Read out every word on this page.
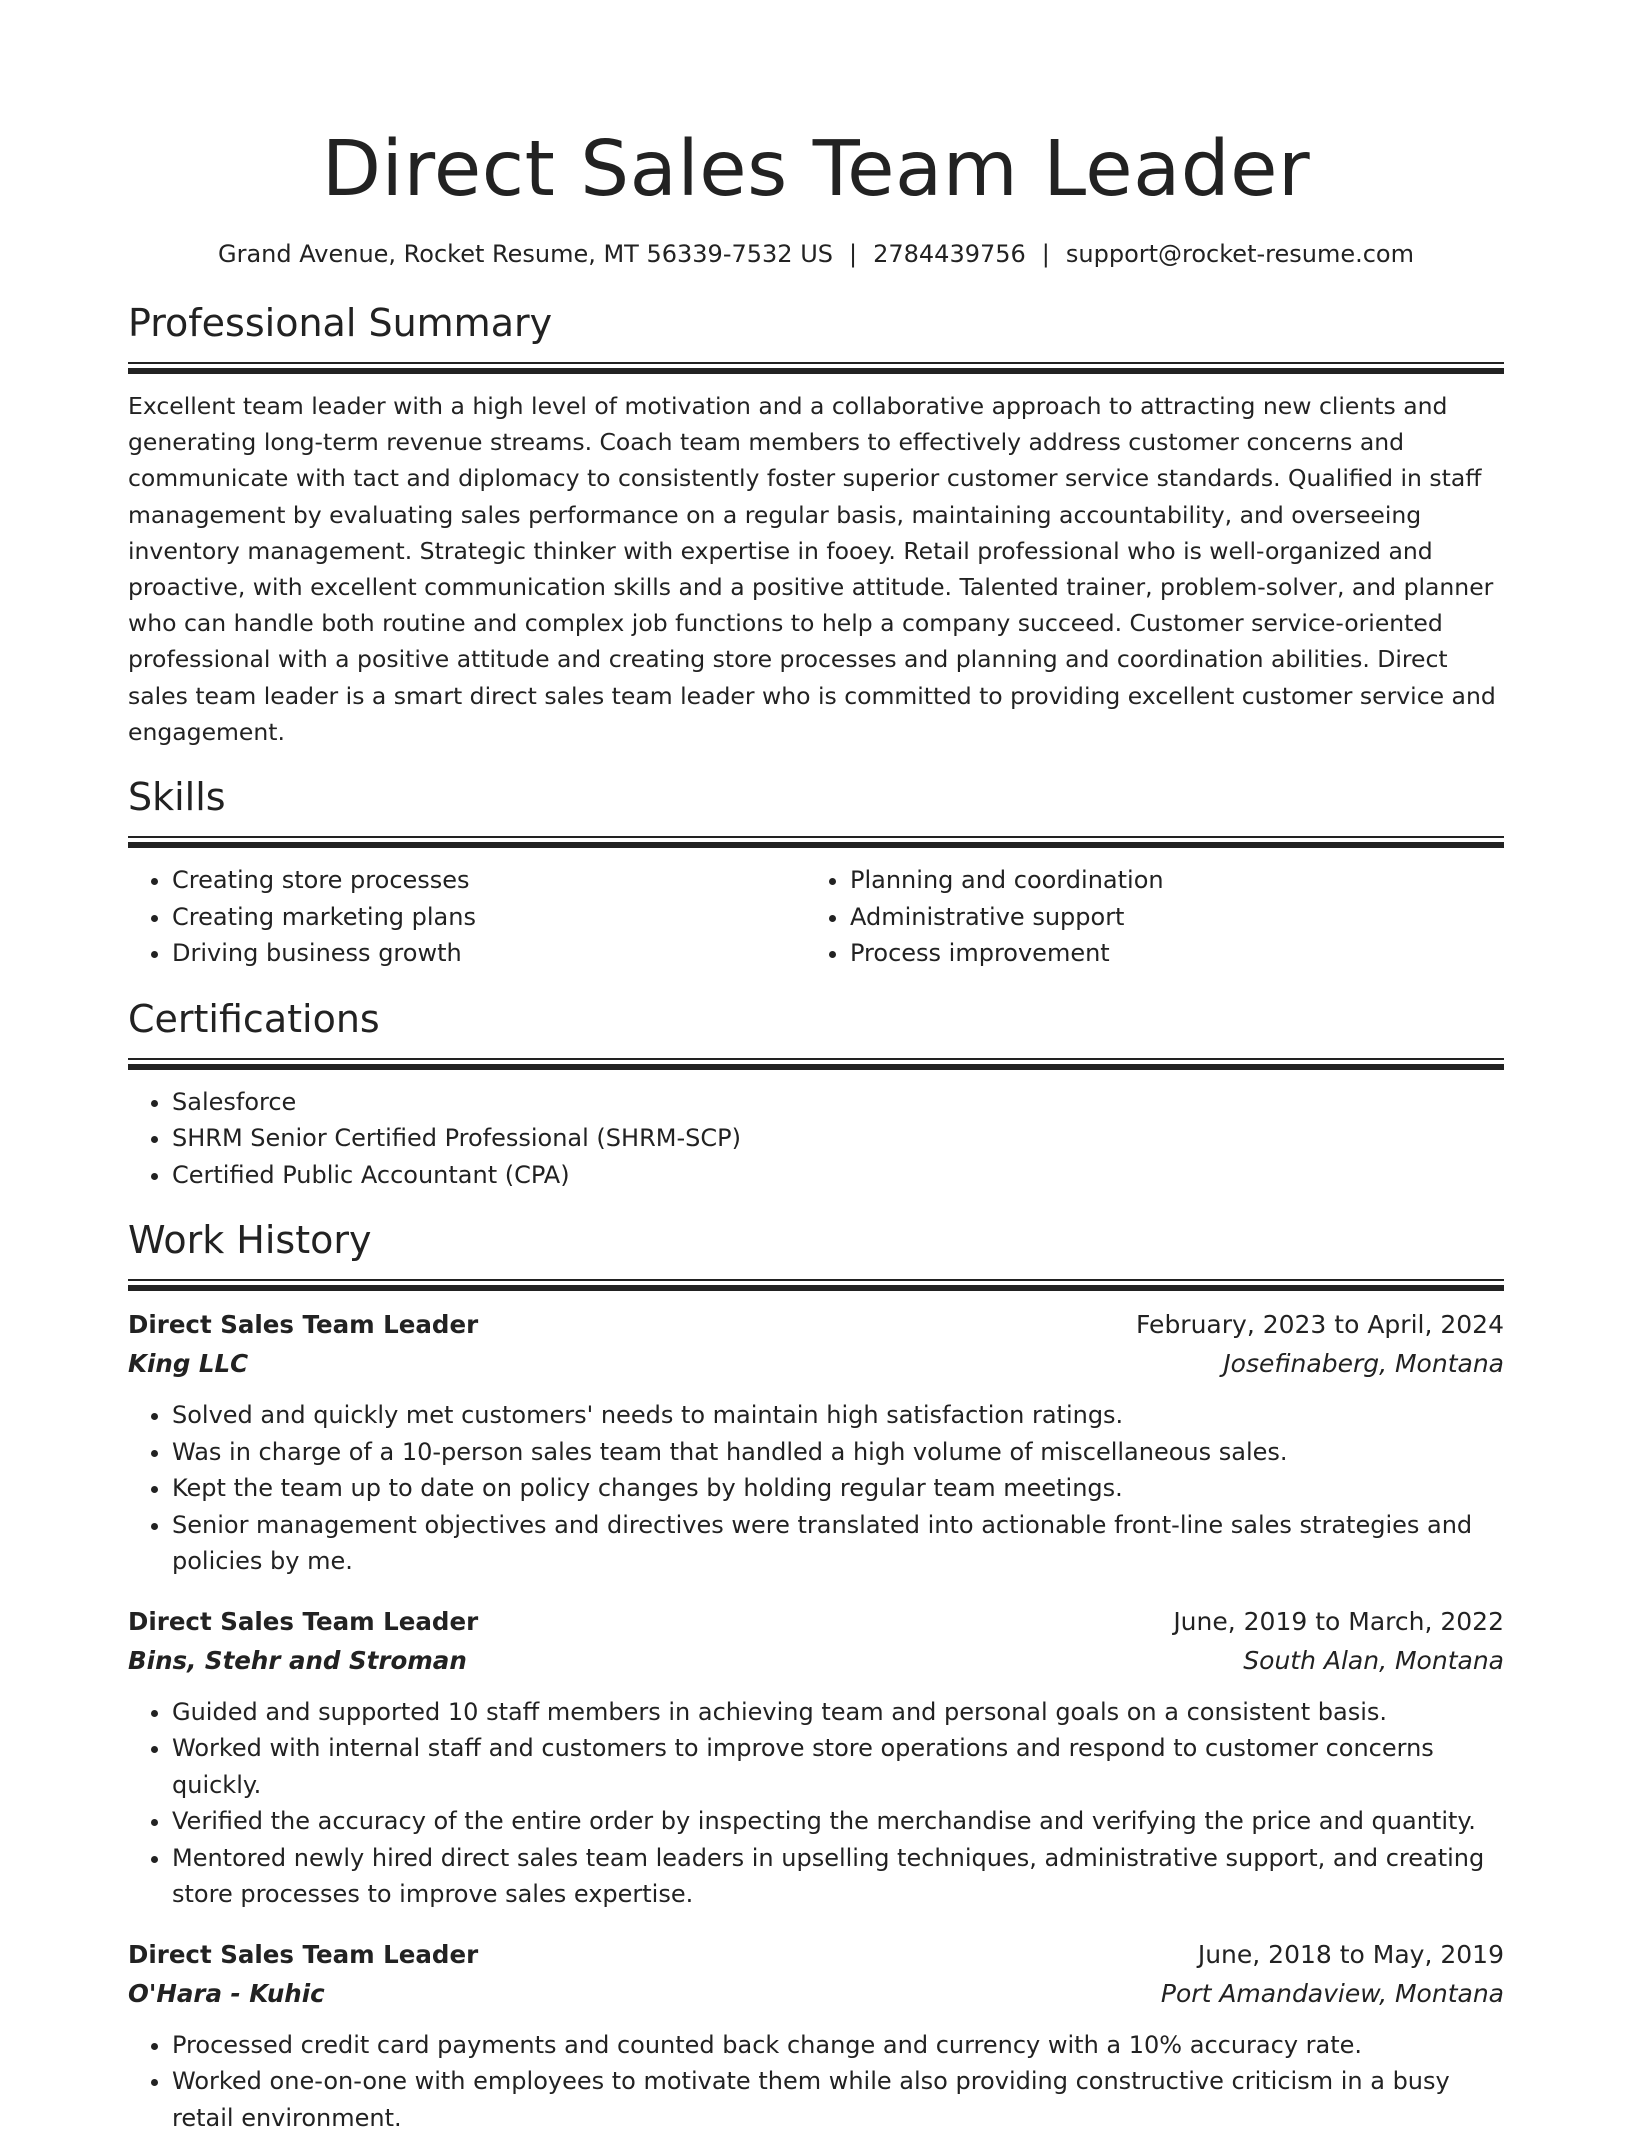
Direct Sales Team Leader
Grand Avenue, Rocket Resume, MT 56339-7532 US | 2784439756 | support@rocket-resume.com
Professional Summary

Excellent team leader with a high level of motivation and a collaborative approach to attracting new clients and generating long-term revenue streams. Coach team members to effectively address customer concerns and communicate with tact and diplomacy to consistently foster superior customer service standards. Qualified in staff management by evaluating sales performance on a regular basis, maintaining accountability, and overseeing inventory management. Strategic thinker with expertise in fooey. Retail professional who is well-organized and proactive, with excellent communication skills and a positive attitude. Talented trainer, problem-solver, and planner who can handle both routine and complex job functions to help a company succeed. Customer service-oriented professional with a positive attitude and creating store processes and planning and coordination abilities. Direct sales team leader is a smart direct sales team leader who is committed to providing excellent customer service and engagement.

Skills
• Creating store processes
• Creating marketing plans
• Driving business growth
• Planning and coordination
• Administrative support
• Process improvement
Certifications
• Salesforce
• SHRM Senior Certified Professional (SHRM-SCP)
• Certified Public Accountant (CPA)
Work History
Direct Sales Team Leader	February, 2023 to April, 2024
King LLC	Josefinaberg, Montana
• Solved and quickly met customers' needs to maintain high satisfaction ratings.
• Was in charge of a 10-person sales team that handled a high volume of miscellaneous sales.
• Kept the team up to date on policy changes by holding regular team meetings.
• Senior management objectives and directives were translated into actionable front-line sales strategies and policies by me.
Direct Sales Team Leader	June, 2019 to March, 2022
Bins, Stehr and Stroman	South Alan, Montana
• Guided and supported 10 staff members in achieving team and personal goals on a consistent basis.
• Worked with internal staff and customers to improve store operations and respond to customer concerns quickly.
• Verified the accuracy of the entire order by inspecting the merchandise and verifying the price and quantity.
• Mentored newly hired direct sales team leaders in upselling techniques, administrative support, and creating store processes to improve sales expertise.
Direct Sales Team Leader	June, 2018 to May, 2019
O'Hara - Kuhic	Port Amandaview, Montana
• Processed credit card payments and counted back change and currency with a 10% accuracy rate.
• Worked one-on-one with employees to motivate them while also providing constructive criticism in a busy retail environment.
